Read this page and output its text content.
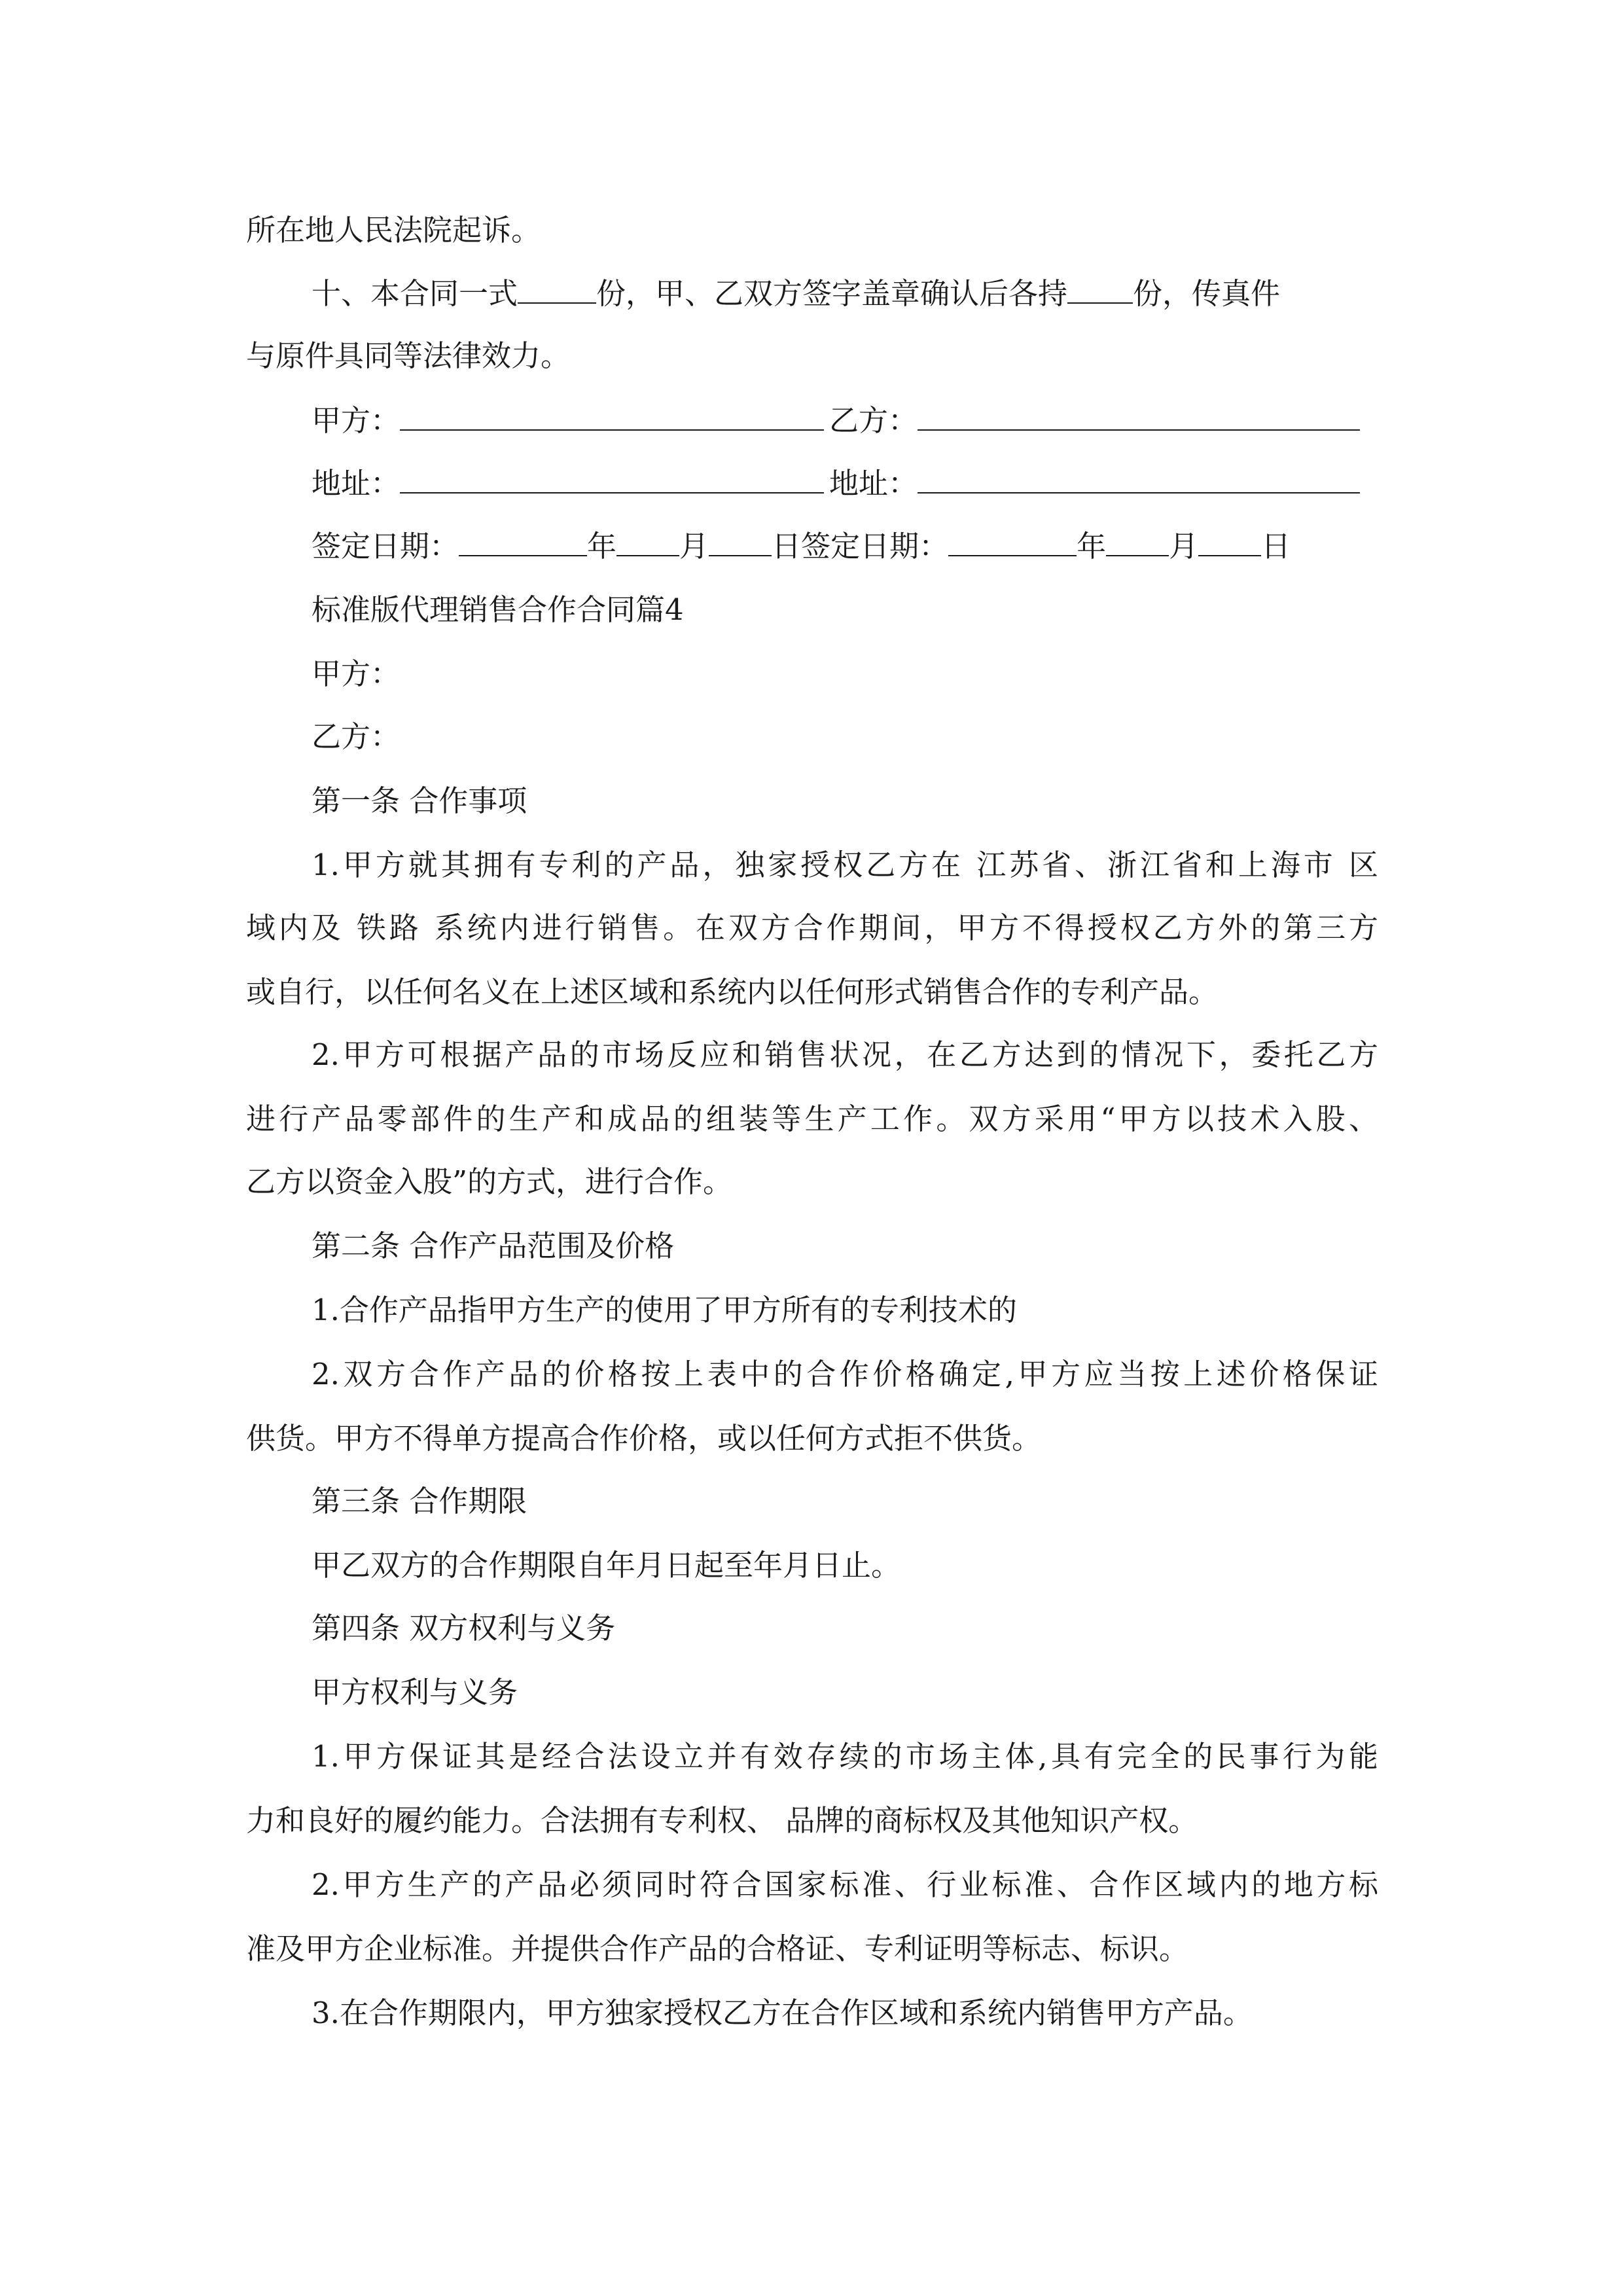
所在地人民法院起诉。
十、本合同一式	份，甲、乙双方签字盖章确认后各持 份，传真件
与原件具同等法律效力。
甲方：	乙方：
地址：	地址：
签定日期：	年 月 日签定日期：	年 月 日
标准版代理销售合作合同篇4
甲方：
乙方：
第一条 合作事项
1.甲方就其拥有专利的产品，独家授权乙方在 江苏省、浙江省和上海市 区
域内及 铁路 系统内进行销售。在双方合作期间，甲方不得授权乙方外的第三方
或自行，以任何名义在上述区域和系统内以任何形式销售合作的专利产品。
2.甲方可根据产品的市场反应和销售状况，在乙方达到的情况下，委托乙方
进行产品零部件的生产和成品的组装等生产工作。双方采用“甲方以技术入股、
乙方以资金入股”的方式，进行合作。
第二条 合作产品范围及价格
1.合作产品指甲方生产的使用了甲方所有的专利技术的
2.双方合作产品的价格按上表中的合作价格确定,甲方应当按上述价格保证
供货。甲方不得单方提高合作价格，或以任何方式拒不供货。
第三条 合作期限
甲乙双方的合作期限自年月日起至年月日止。
第四条 双方权利与义务
甲方权利与义务
1.甲方保证其是经合法设立并有效存续的市场主体,具有完全的民事行为能
力和良好的履约能力。合法拥有专利权、 品牌的商标权及其他知识产权。
2.甲方生产的产品必须同时符合国家标准、行业标准、合作区域内的地方标
准及甲方企业标准。并提供合作产品的合格证、专利证明等标志、标识。
3.在合作期限内，甲方独家授权乙方在合作区域和系统内销售甲方产品。
